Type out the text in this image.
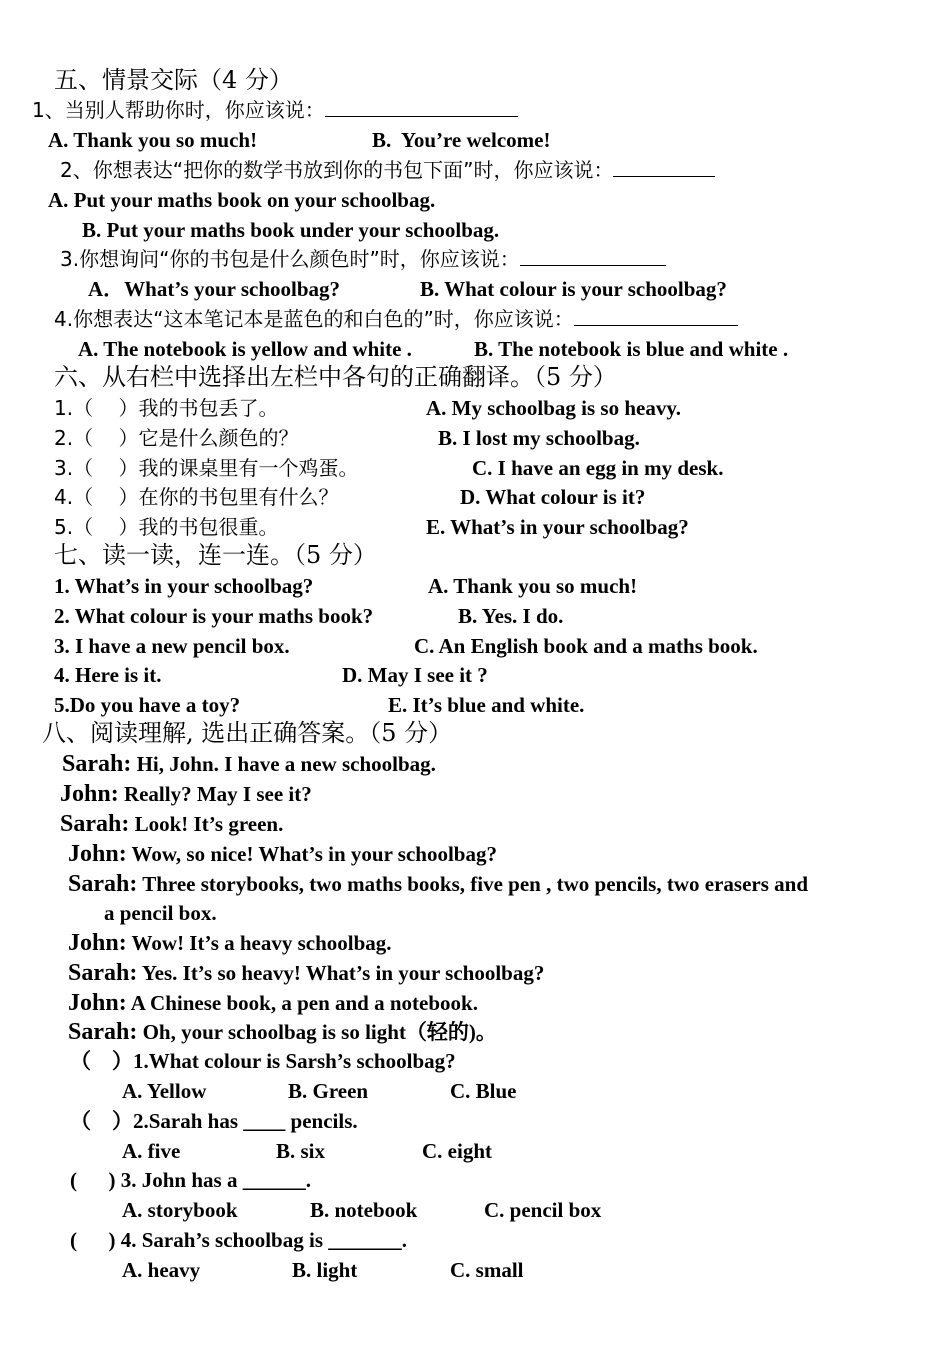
五、情景交际（4 分）
1、当别人帮助你时，你应该说：
A. Thank you so much!	B.  You’re welcome!
2、你想表达“把你的数学书放到你的书包下面”时，你应该说：
A. Put your maths book on your schoolbag.
B. Put your maths book under your schoolbag.
3.你想询问“你的书包是什么颜色时”时，你应该说：
A．What’s your schoolbag?	B. What colour is your schoolbag?
4.你想表达“这本笔记本是蓝色的和白色的”时，你应该说：
A. The notebook is yellow and white .	B. The notebook is blue and white .
六、从右栏中选择出左栏中各句的正确翻译。（5 分）
1.（    ）我的书包丢了。	A. My schoolbag is so heavy.
2.（    ）它是什么颜色的？	B. I lost my schoolbag.
3.（    ）我的课桌里有一个鸡蛋。	C. I have an egg in my desk.
4.（    ）在你的书包里有什么？	D. What colour is it?
5.（    ）我的书包很重。	E. What’s in your schoolbag?
七、读一读，连一连。（5 分）
1. What’s in your schoolbag?	A. Thank you so much!
2. What colour is your maths book?	B. Yes. I do.
3. I have a new pencil box.	C. An English book and a maths book.
4. Here is it.	D. May I see it ?
5.Do you have a toy?	E. It’s blue and white.
八、阅读理解, 选出正确答案。（5 分）
Sarah: Hi, John. I have a new schoolbag.
John: Really? May I see it?
Sarah: Look! It’s green.
John: Wow, so nice! What’s in your schoolbag?
Sarah: Three storybooks, two maths books, five pen , two pencils, two erasers and
a pencil box.
John: Wow! It’s a heavy schoolbag.
Sarah: Yes. It’s so heavy! What’s in your schoolbag?
John: A Chinese book, a pen and a notebook.
Sarah: Oh, your schoolbag is so light（轻的)。
（    ）1.What colour is Sarsh’s schoolbag?
A. Yellow	B. Green	C. Blue
（    ）2.Sarah has ____ pencils.
A. five	B. six	C. eight
(      ) 3. John has a ______.
A. storybook	B. notebook	C. pencil box
(      ) 4. Sarah’s schoolbag is _______.
A. heavy	B. light	C. small
